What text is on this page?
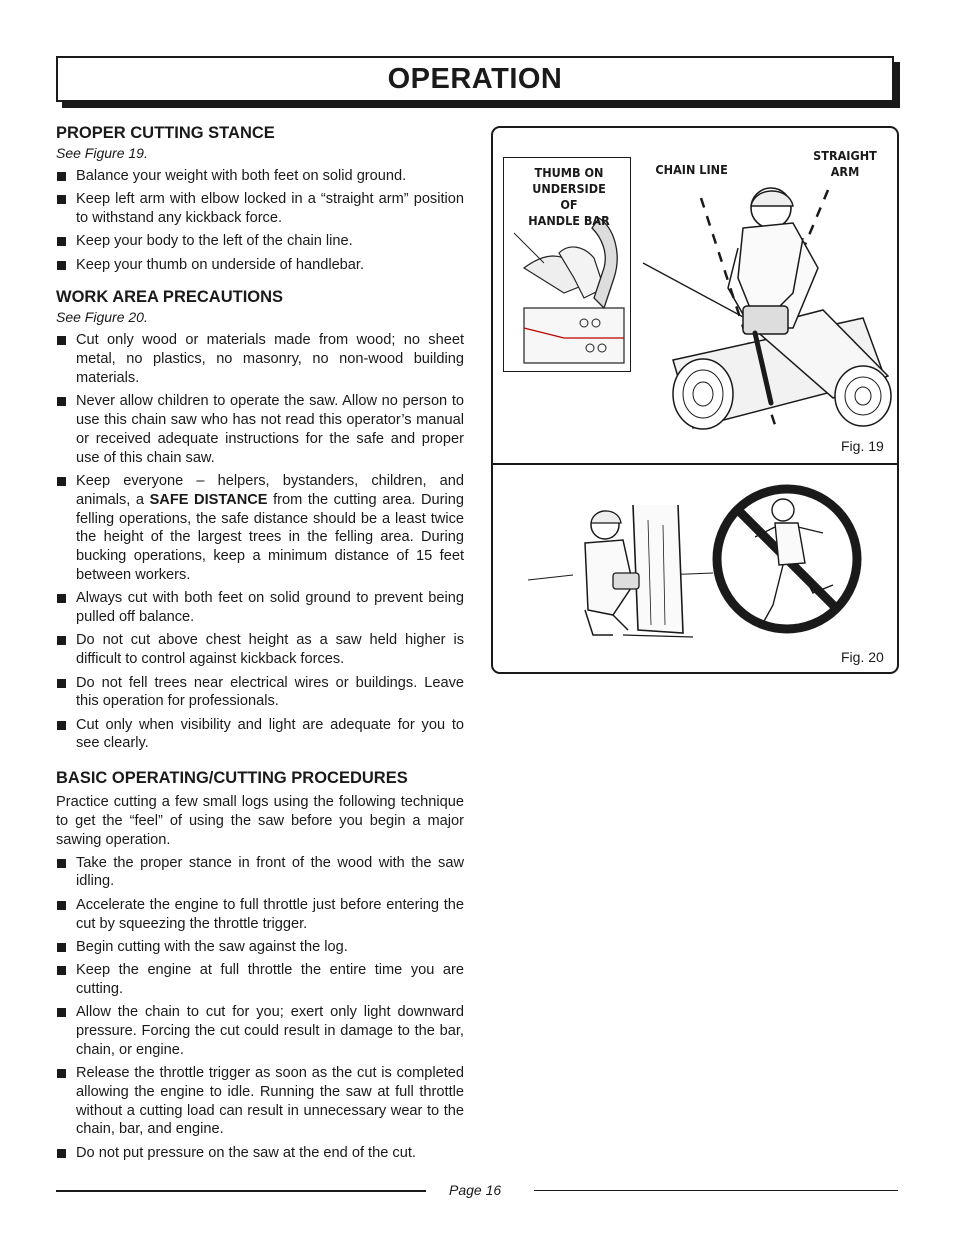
OPERATION
PROPER CUTTING STANCE
See Figure 19.
Balance your weight with both feet on solid ground.
Keep left arm with elbow locked in a “straight arm” position to withstand any kickback force.
Keep your body to the left of the chain line.
Keep your thumb on underside of handlebar.
WORK AREA PRECAUTIONS
See Figure 20.
Cut only wood or materials made from wood; no sheet metal, no plastics, no masonry, no non-wood building materials.
Never allow children to operate the saw. Allow no person to use this chain saw who has not read this operator’s manual or received adequate instructions for the safe and proper use of this chain saw.
Keep everyone – helpers, bystanders, children, and animals, a SAFE DISTANCE from the cutting area. During felling operations, the safe distance should be a least twice the height of the largest trees in the felling area. During bucking operations, keep a minimum distance of 15 feet between workers.
Always cut with both feet on solid ground to prevent being pulled off balance.
Do not cut above chest height as a saw held higher is difficult to control against kickback forces.
Do not fell trees near electrical wires or buildings. Leave this operation for professionals.
Cut only when visibility and light are adequate for you to see clearly.
BASIC OPERATING/CUTTING PROCEDURES

Practice cutting a few small logs using the following technique to get the “feel” of using the saw before you begin a major sawing operation.

Take the proper stance in front of the wood with the saw idling.
Accelerate the engine to full throttle just before entering the cut by squeezing the throttle trigger.
Begin cutting with the saw against the log.
Keep the engine at full throttle the entire time you are cutting.
Allow the chain to cut for you; exert only light downward pressure. Forcing the cut could result in damage to the bar, chain, or engine.
Release the throttle trigger as soon as the cut is completed allowing the engine to idle. Running the saw at full throttle without a cutting load can result in unnecessary wear to the chain, bar, and engine.
Do not put pressure on the saw at the end of the cut.
THUMB ON
UNDERSIDE OF
HANDLE BAR
CHAIN LINE
STRAIGHT
ARM
Fig. 19
Fig. 20
Page 16
